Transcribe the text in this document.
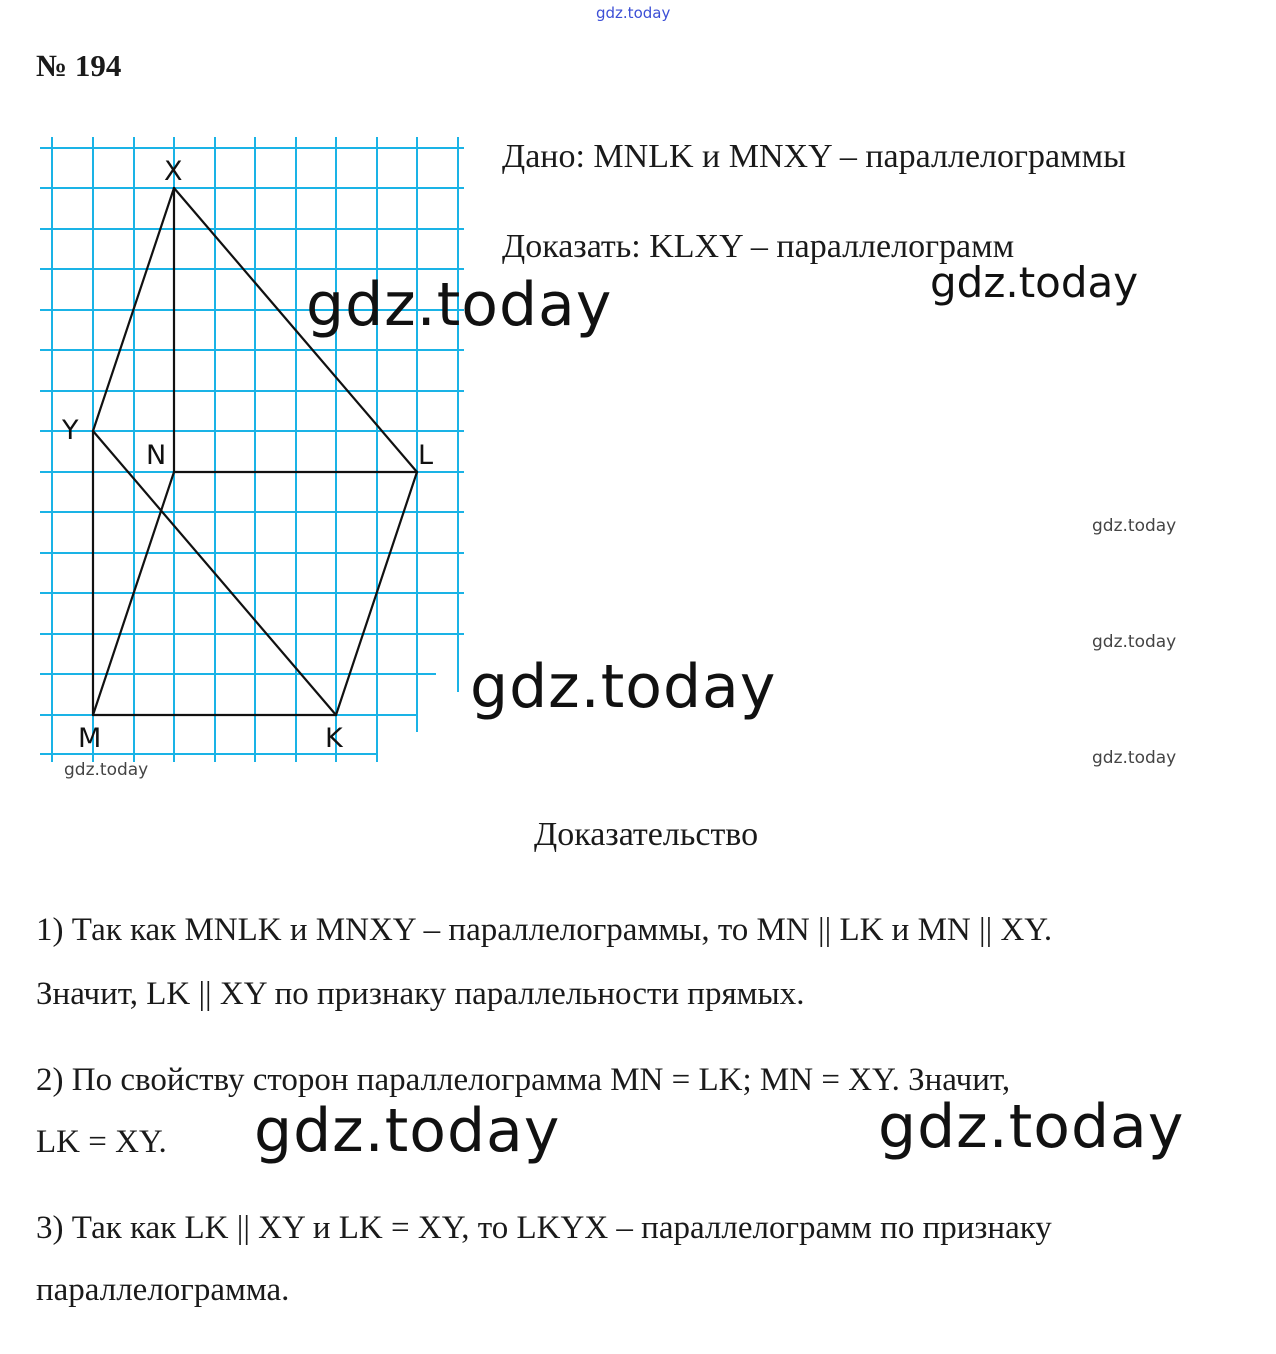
gdz.today
№ 194
Дано: MNLK и MNXY – параллелограммы
Доказать: KLXY – параллелограмм
X
Y
N	L
M	K
gdz.today	gdz.today
gdz.today
gdz.today
gdz.today
gdz.today
gdz.today
Доказательство
1) Так как MNLK и MNXY – параллелограммы, то MN || LK и MN || XY.
Значит, LK || XY по признаку параллельности прямых.
2) По свойству сторон параллелограмма MN = LK; MN = XY. Значит,
LK = XY. gdz.today	gdz.today
3) Так как LK || XY и LK = XY, то LKYX – параллелограмм по признаку
параллелограмма.
